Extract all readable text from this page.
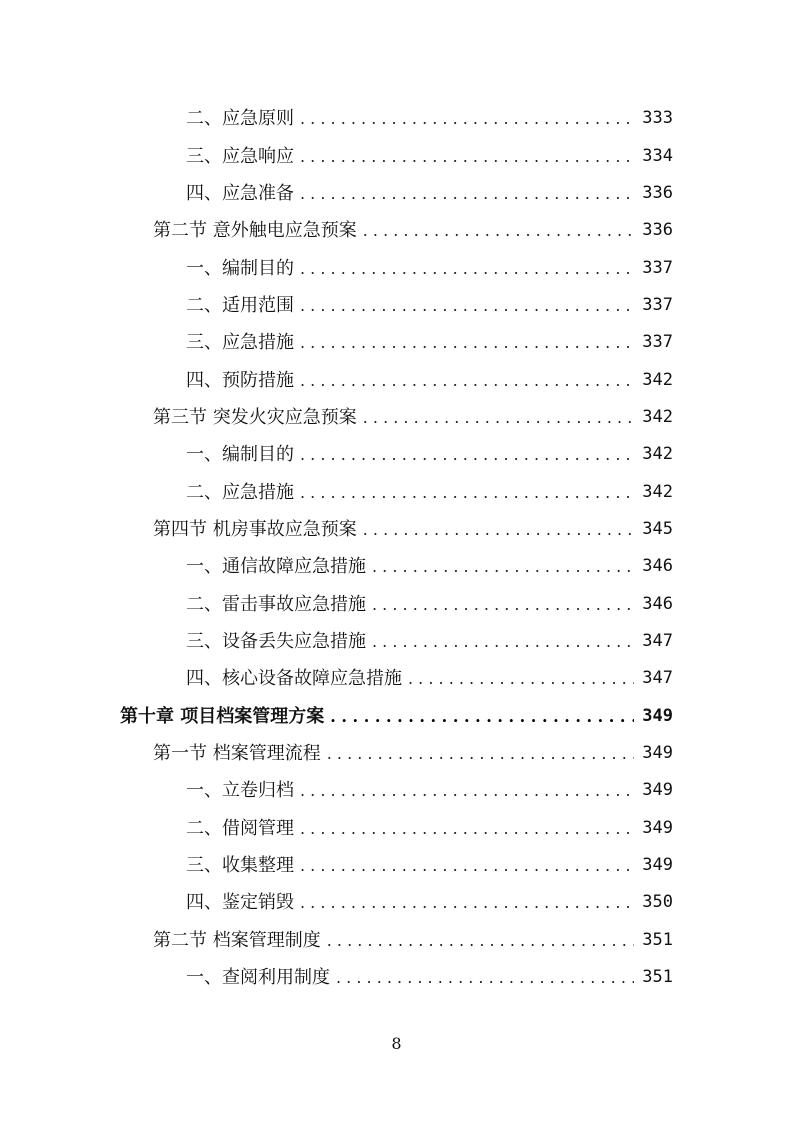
二、应急原则 . . .	333
三、应急响应 . . .	334
四、应急准备 . . .	336
第二节 意外触电应急预案 . . .	336
一、编制目的 . . .	337
二、适用范围 . . .	337
三、应急措施 . . .	337
四、预防措施 . . .	342
第三节 突发火灾应急预案 . . .	342
一、编制目的 . . .	342
二、应急措施 . . .	342
第四节 机房事故应急预案 . . .	345
一、通信故障应急措施 . . .	346
二、雷击事故应急措施 . . .	346
三、设备丢失应急措施 . . .	347
四、核心设备故障应急措施 . . .	347
第十章 项目档案管理方案 . . .	349
第一节 档案管理流程 . . .	349
一、立卷归档 . . .	349
二、借阅管理 . . .	349
三、收集整理 . . .	349
四、鉴定销毁 . . .	350
第二节 档案管理制度 . . .	351
一、查阅利用制度 . . .	351
8
